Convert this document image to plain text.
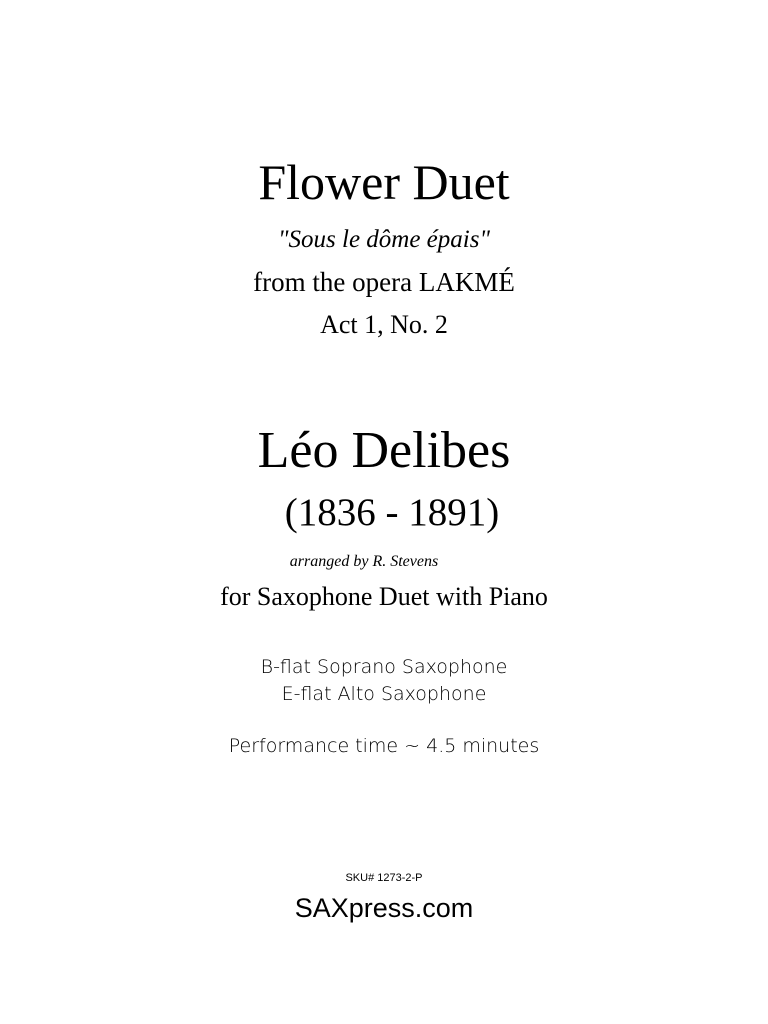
Flower Duet
"Sous le dôme épais"
from the opera LAKMÉ
Act 1, No. 2
Léo Delibes
(1836 - 1891)
arranged by R. Stevens
for Saxophone Duet with Piano
B-flat Soprano Saxophone
E-flat Alto Saxophone
Performance time ~ 4.5 minutes
SKU# 1273-2-P
SAXpress.com
